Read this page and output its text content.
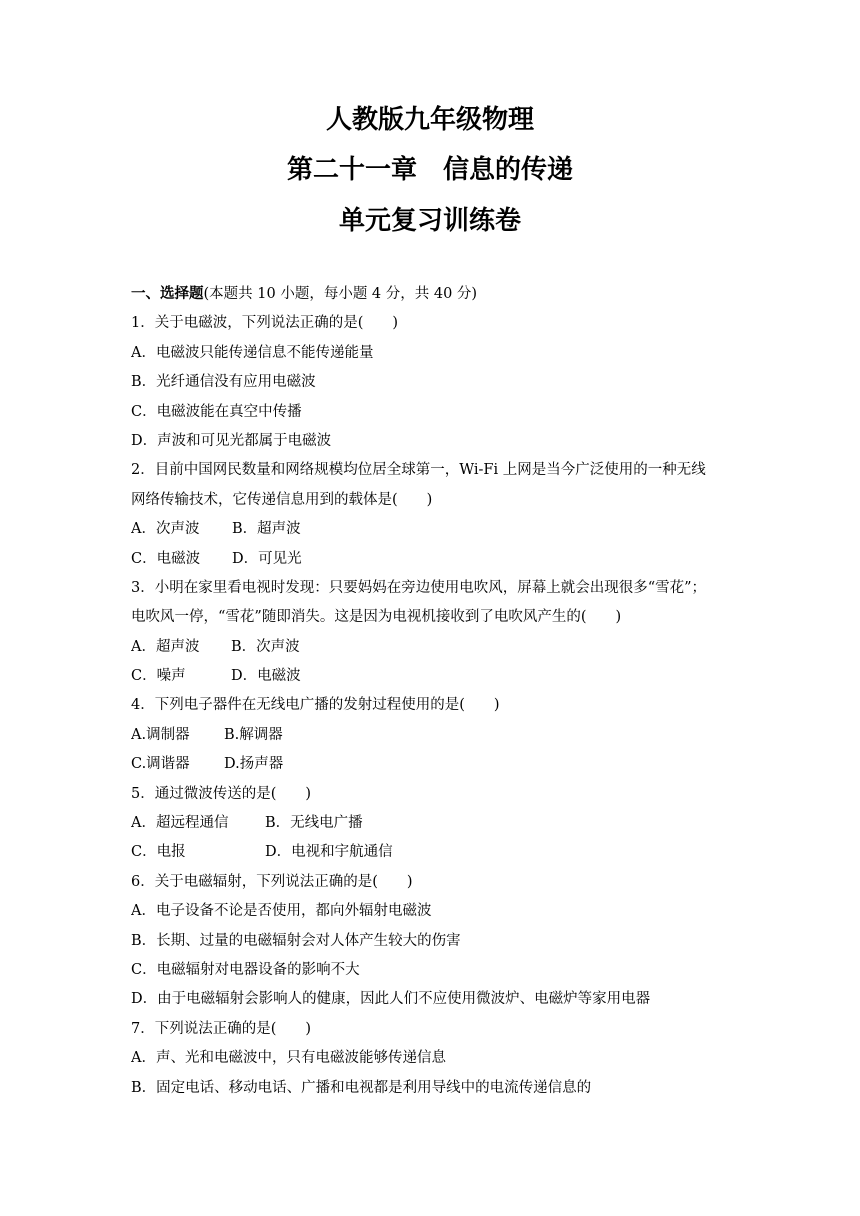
人教版九年级物理
第二十一章　信息的传递
单元复习训练卷
一、选择题(本题共 10 小题，每小题 4 分，共 40 分)
1．关于电磁波，下列说法正确的是(　　)
A．电磁波只能传递信息不能传递能量
B．光纤通信没有应用电磁波
C．电磁波能在真空中传播
D．声波和可见光都属于电磁波
2．目前中国网民数量和网络规模均位居全球第一，Wi-Fi 上网是当今广泛使用的一种无线
网络传输技术，它传递信息用到的载体是(　　)
A．次声波	B．超声波
C．电磁波	D．可见光
3．小明在家里看电视时发现：只要妈妈在旁边使用电吹风，屏幕上就会出现很多“雪花”；
电吹风一停，“雪花”随即消失。这是因为电视机接收到了电吹风产生的(　　)
A．超声波	B．次声波
C．噪声	D．电磁波
4．下列电子器件在无线电广播的发射过程使用的是(　　)
A.调制器	B.解调器
C.调谐器	D.扬声器
5．通过微波传送的是(　　)
A．超远程通信	B．无线电广播
C．电报	D．电视和宇航通信
6．关于电磁辐射，下列说法正确的是(　　)
A．电子设备不论是否使用，都向外辐射电磁波
B．长期、过量的电磁辐射会对人体产生较大的伤害
C．电磁辐射对电器设备的影响不大
D．由于电磁辐射会影响人的健康，因此人们不应使用微波炉、电磁炉等家用电器
7．下列说法正确的是(　　)
A．声、光和电磁波中，只有电磁波能够传递信息
B．固定电话、移动电话、广播和电视都是利用导线中的电流传递信息的
